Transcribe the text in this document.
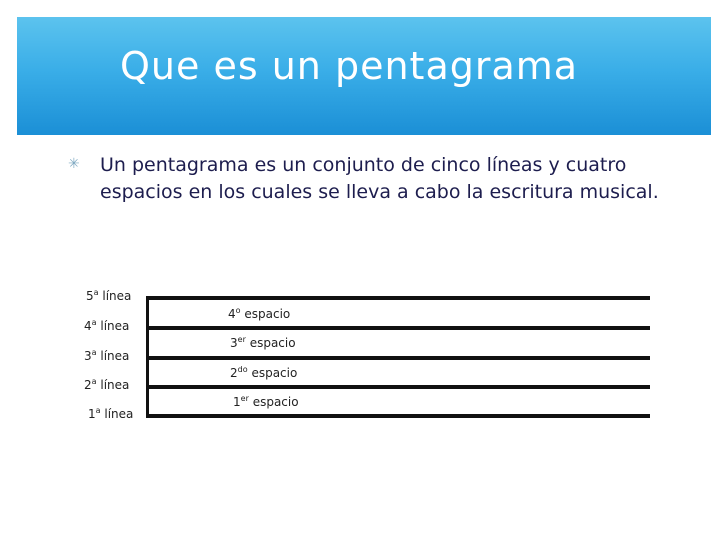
Que es un pentagrama
✳ Un pentagrama es un conjunto de cinco líneas y cuatro espacios en los cuales se lleva a cabo la escritura musical.
5$^a$ línea
4$^a$ línea
3$^a$ línea
2$^a$ línea
1$^a$ línea
4$^o$ espacio
3er espacio
$2^{do}$ espacio
1er espacio
